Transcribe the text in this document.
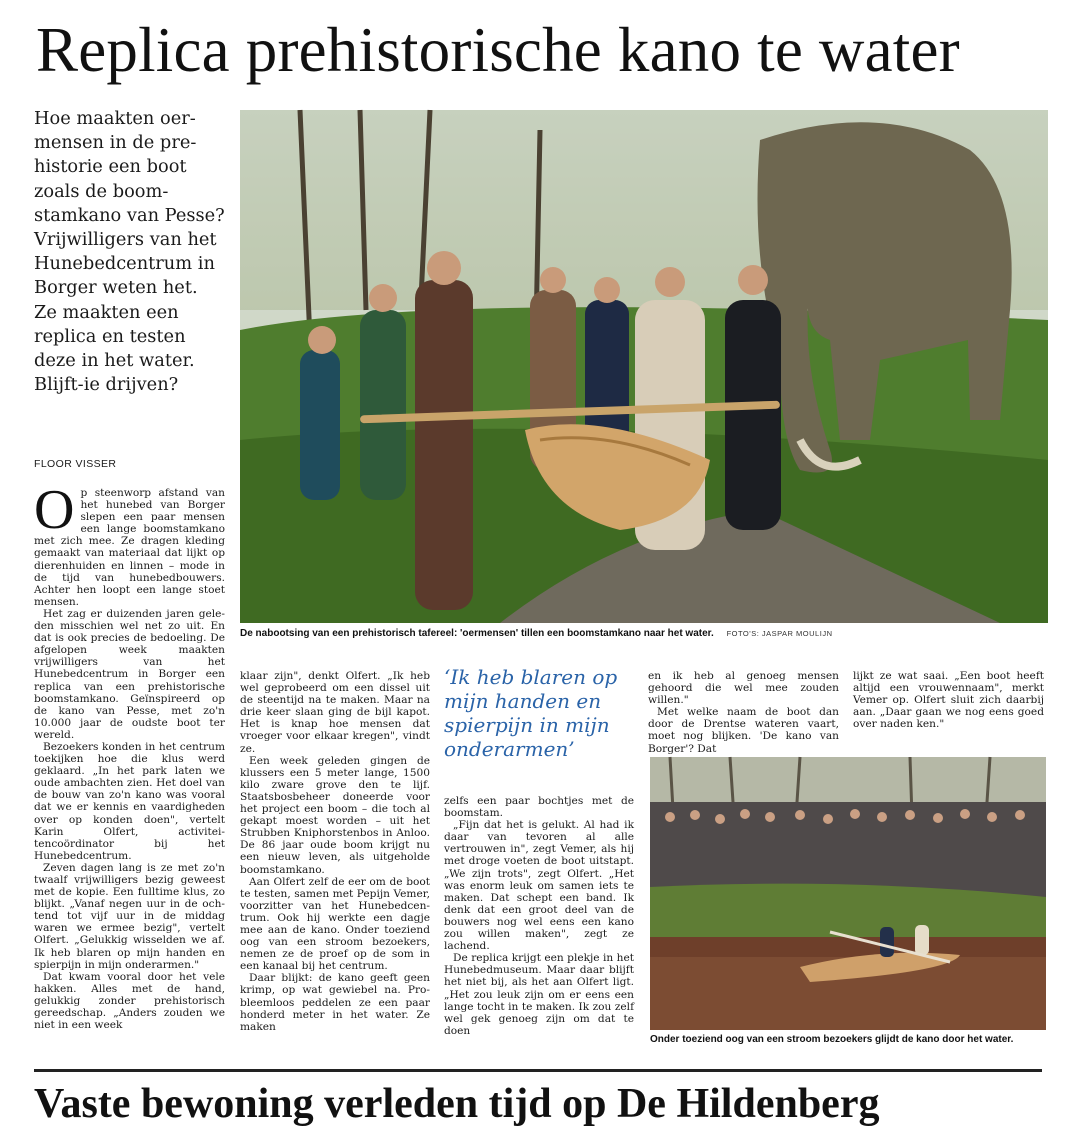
Replica prehistorische kano te water
Hoe maakten oermensen in de prehistorie een boot zoals de boomstamkano van Pesse? Vrijwilligers van het Hunebedcentrum in Borger weten het. Ze maakten een replica en testen deze in het water. Blijft-ie drijven?
FLOOR VISSER
O p steenworp afstand van het hunebed van Borger slepen een paar mensen een lange boomstamkano met zich mee. Ze dragen kleding gemaakt van materiaal dat lijkt op dierenhuiden en linnen – mode in de tijd van hunebedbouwers. Achter hen loopt een lange stoet mensen.

Het zag er duizenden jaren geleden misschien wel net zo uit. En dat is ook precies de bedoeling. De afgelopen week maakten vrijwilligers van het Hunebedcentrum in Borger een replica van een prehistorische boomstamkano. Geïnspireerd op de kano van Pesse, met zo'n 10.000 jaar de oudste boot ter wereld.

Bezoekers konden in het centrum toekijken hoe die klus werd geklaard. „In het park laten we oude ambachten zien. Het doel van de bouw van zo'n kano was vooral dat we er kennis en vaardigheden over op konden doen", vertelt Karin Olfert, activiteitencoördinator bij het Hunebedcentrum.

Zeven dagen lang is ze met zo'n twaalf vrijwilligers bezig geweest met de kopie. Een fulltime klus, zo blijkt. „Vanaf negen uur in de ochtend tot vijf uur in de middag waren we ermee bezig", vertelt Olfert. „Gelukkig wisselden we af. Ik heb blaren op mijn handen en spierpijn in mijn onderarmen."

Dat kwam vooral door het vele hakken. Alles met de hand, gelukkig zonder prehistorisch gereedschap. „Anders zouden we niet in een week

De nabootsing van een prehistorisch tafereel: 'oermensen' tillen een boomstamkano naar het water. FOTO'S: JASPAR MOULIJN

klaar zijn", denkt Olfert. „Ik heb wel geprobeerd om een dissel uit de steentijd na te maken. Maar na drie keer slaan ging de bijl kapot. Het is knap hoe mensen dat vroeger voor elkaar kregen", vindt ze.

Een week geleden gingen de klussers een 5 meter lange, 1500 kilo zware grove den te lijf. Staatsbosbeheer doneerde voor het project een boom – die toch al gekapt moest worden – uit het Strubben Kniphorstenbos in Anloo. De 86 jaar oude boom krijgt nu een nieuw leven, als uitgeholde boomstamkano.

Aan Olfert zelf de eer om de boot te testen, samen met Pepijn Vemer, voorzitter van het Hunebedcentrum. Ook hij werkte een dagje mee aan de kano. Onder toeziend oog van een stroom bezoekers, nemen ze de proef op de som in een kanaal bij het centrum.

Daar blijkt: de kano geeft geen krimp, op wat gewiebel na. Probleemloos peddelen ze een paar honderd meter in het water. Ze maken

‘Ik heb blaren op mijn handen en spierpijn in mijn onderarmen’

zelfs een paar bochtjes met de boomstam.

„Fijn dat het is gelukt. Al had ik daar van tevoren al alle vertrouwen in", zegt Vemer, als hij met droge voeten de boot uitstapt. „We zijn trots", zegt Olfert. „Het was enorm leuk om samen iets te maken. Dat schept een band. Ik denk dat een groot deel van de bouwers nog wel eens een kano zou willen maken", zegt ze lachend.

De replica krijgt een plekje in het Hunebedmuseum. Maar daar blijft het niet bij, als het aan Olfert ligt. „Het zou leuk zijn om er eens een lange tocht in te maken. Ik zou zelf wel gek genoeg zijn om dat te doen

en ik heb al genoeg mensen gehoord die wel mee zouden willen."

Met welke naam de boot dan door de Drentse wateren vaart, moet nog blijken. 'De kano van Borger'? Dat

lijkt ze wat saai. „Een boot heeft altijd een vrouwennaam", merkt Vemer op. Olfert sluit zich daarbij aan. „Daar gaan we nog eens goed over naden ken."

Onder toeziend oog van een stroom bezoekers glijdt de kano door het water.
Vaste bewoning verleden tijd op De Hildenberg
